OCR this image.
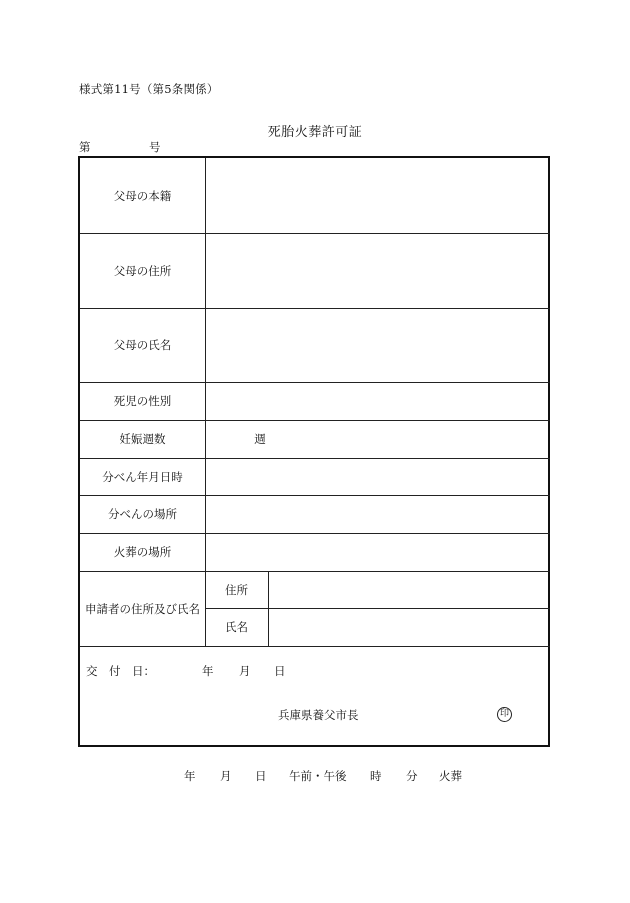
様式第11号（第5条関係）
死胎火葬許可証
第	号
父母の本籍
父母の住所
父母の氏名
死児の性別
妊娠週数	週
分べん年月日時
分べんの場所
火葬の場所
申請者の住所及び氏名
住所
氏名
交　付　日：	年 月 日
兵庫県養父市長	印
年 月 日 午前・午後 時 分 火葬
